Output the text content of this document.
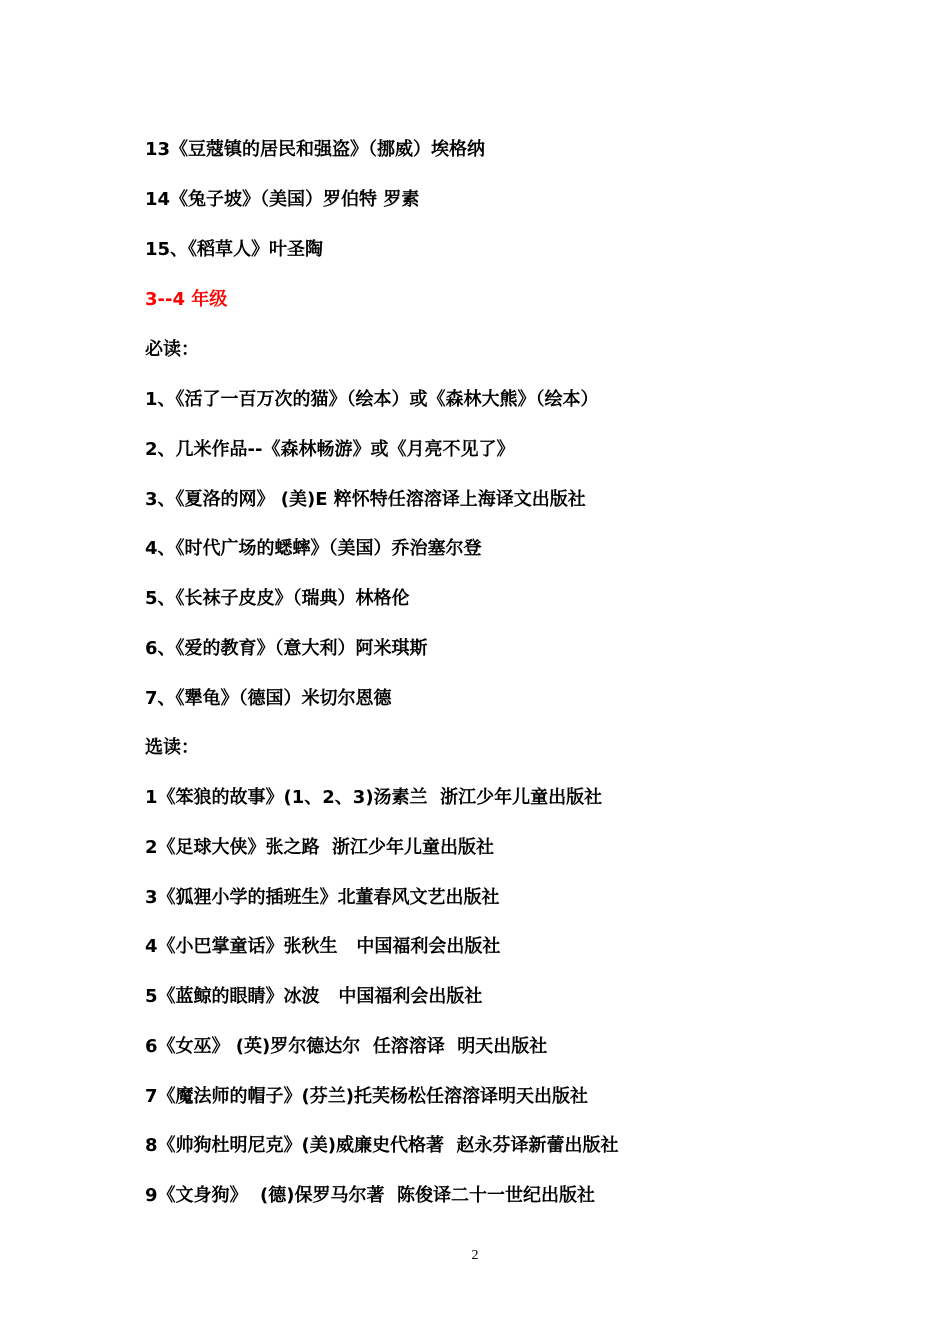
13《豆蔻镇的居民和强盗》（挪威）埃格纳

14《兔子坡》（美国）罗伯特 罗素

15、《稻草人》叶圣陶

3--4 年级

必读：

1、《活了一百万次的猫》（绘本）或《森林大熊》（绘本）

2、几米作品--《森林畅游》或《月亮不见了》

3、《夏洛的网》 (美)E 粹怀特任溶溶译上海译文出版社

4、《时代广场的蟋蟀》（美国）乔治塞尔登

5、《长袜子皮皮》（瑞典）林格伦

6、《爱的教育》（意大利）阿米琪斯

7、《犟龟》（德国）米切尔恩德

选读：

1《笨狼的故事》(1、2、3)汤素兰  浙江少年儿童出版社

2《足球大侠》张之路  浙江少年儿童出版社

3《狐狸小学的插班生》北董春风文艺出版社

4《小巴掌童话》张秋生   中国福利会出版社

5《蓝鲸的眼睛》冰波   中国福利会出版社

6《女巫》 (英)罗尔德达尔  任溶溶译  明天出版社

7《魔法师的帽子》(芬兰)托芙杨松任溶溶译明天出版社

8《帅狗杜明尼克》(美)威廉史代格著  赵永芬译新蕾出版社

9《文身狗》  (德)保罗马尔著  陈俊译二十一世纪出版社

2
